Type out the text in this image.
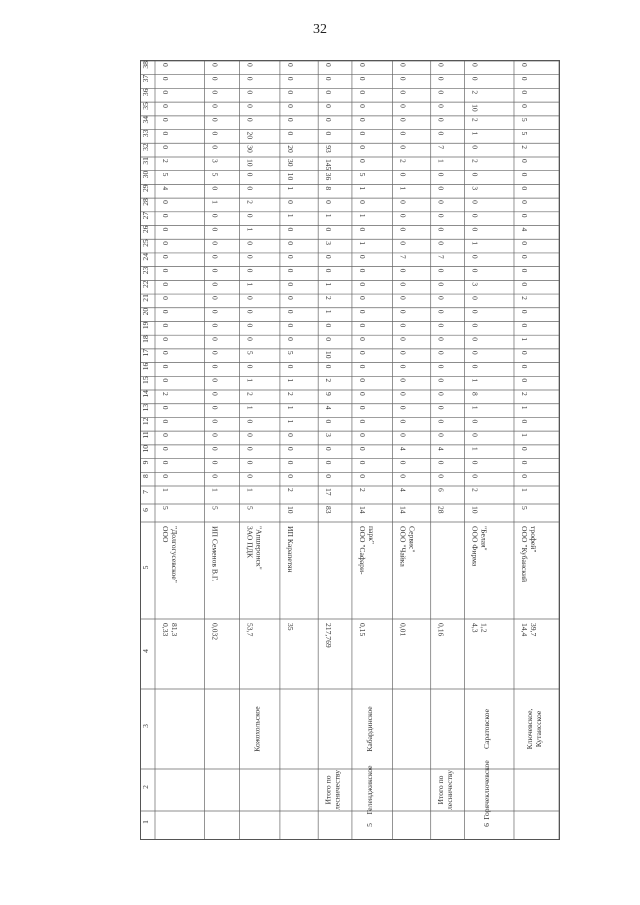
32
1
2
3
4
5
6
7
8
9
10
11
12
13
14
15
16
17
18
19
20
21
22
23
24
25
26
27
28
29
30
31
32
33
34
35
36
37
38
0,33 81,3
ООО "Долгогусевское"
5
1
0
0
0
0
0
0
2
0
0
0
0
0
0
0
0
0
0
0
0
0
0
4
5
2
0
0
0
0
0
0
0
0,032
ИП Семенов В.Г.
5
1
0
0
0
0
0
0
0
0
0
0
0
0
0
0
0
0
0
0
0
0
1
0
5
3
0
0
0
0
0
0
0
Кожохольское
53,7
ЗАО ПДК "Апшеронск"
5
1
0
0
0
0
0
1
2
1
0
5
0
0
0
0
1
0
0
0
1
0
2
0
0
10
30
20
0
0
0
0
0
35
ИП Карапетян
10
2
0
0
0
0
1
1
2
1
0
5
0
0
0
0
0
0
0
0
0
1
0
1
10
30
20
0
0
0
0
0
0
Итого по лесничеству
217,769
83
17
0
0
0
3
0
4
9
2
0
10
0
0
1
2
1
0
0
3
0
1
0
8
36
145
93
0
0
0
0
0
0
5
Геленджикское
Кабардинское
0,15
ООО "Сафари- парк"
14
2
0
0
0
0
0
0
0
0
0
0
0
0
0
0
0
0
0
1
0
1
0
1
5
0
0
0
0
0
0
0
0
0,01
ООО "Чайка Сервис"
14
4
0
0
4
0
0
0
0
0
0
0
0
0
0
0
0
0
7
0
0
0
0
1
0
2
0
0
0
0
0
0
0
Итого по лесничеству
0,16
28
6
0
0
4
0
0
0
0
0
0
0
0
0
0
0
0
0
7
0
0
0
0
0
0
1
7
0
0
0
0
0
0
6
Горячеключевское
Саратовское
4,3 1,2
ООО Фирма "Белая"
10
2
0
0
1
0
0
1
8
1
0
0
0
0
0
0
3
0
0
1
0
0
0
3
0
2
0
1
2
10
2
0
0
Ключевское, Кутаисское
14,4 39,7
ООО "Кубанский трофей"
5
1
0
0
0
1
0
1
2
0
0
0
1
0
0
2
0
0
0
0
4
0
0
0
0
0
2
5
5
0
0
0
0
